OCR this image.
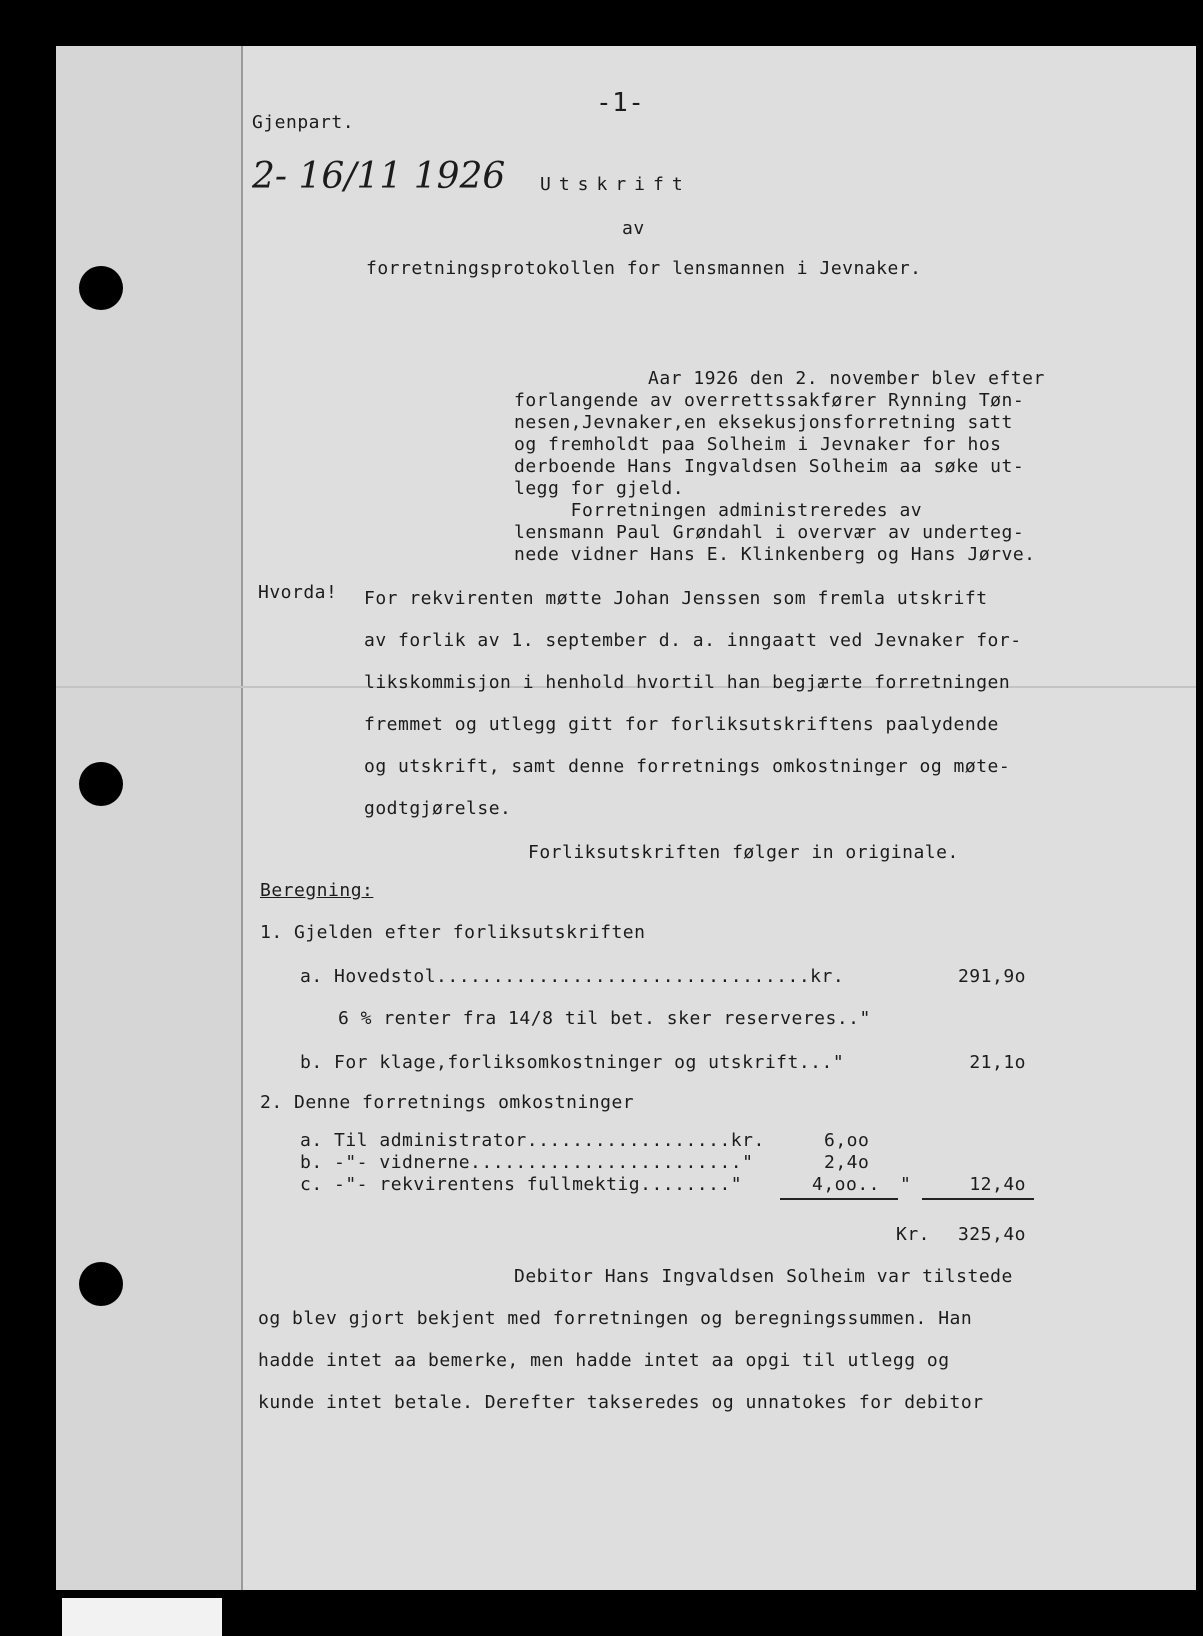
-1-
Gjenpart.
2- 16/11 1926 Utskrift
av
forretningsprotokollen for lensmannen i Jevnaker.
Aar 1926 den 2. november blev efter
forlangende av overrettssakfører Rynning Tøn-
nesen,Jevnaker,en eksekusjonsforretning satt
og fremholdt paa Solheim i Jevnaker for hos
derboende Hans Ingvaldsen Solheim aa søke ut-
legg for gjeld.
Forretningen administreredes av
lensmann Paul Grøndahl i overvær av underteg-
nede vidner Hans E. Klinkenberg og Hans Jørve.
Hvorda! For rekvirenten møtte Johan Jenssen som fremla utskrift
av forlik av 1. september d. a. inngaatt ved Jevnaker for-
likskommisjon i henhold hvortil han begjærte forretningen
fremmet og utlegg gitt for forliksutskriftens paalydende
og utskrift, samt denne forretnings omkostninger og møte-
godtgjørelse.
Forliksutskriften følger in originale.
Beregning:
1. Gjelden efter forliksutskriften
a. Hovedstol.................................kr.	291,9o
6 % renter fra 14/8 til bet. sker reserveres.."
b. For klage,forliksomkostninger og utskrift..."	21,1o
2. Denne forretnings omkostninger
a. Til administrator..................kr.	6,oo
b. -"- vidnerne........................"	2,4o
c. -"- rekvirentens fullmektig........"	4,oo.. "	12,4o
Kr.	325,4o
Debitor Hans Ingvaldsen Solheim var tilstede
og blev gjort bekjent med forretningen og beregningssummen. Han
hadde intet aa bemerke, men hadde intet aa opgi til utlegg og
kunde intet betale. Derefter takseredes og unnatokes for debitor
